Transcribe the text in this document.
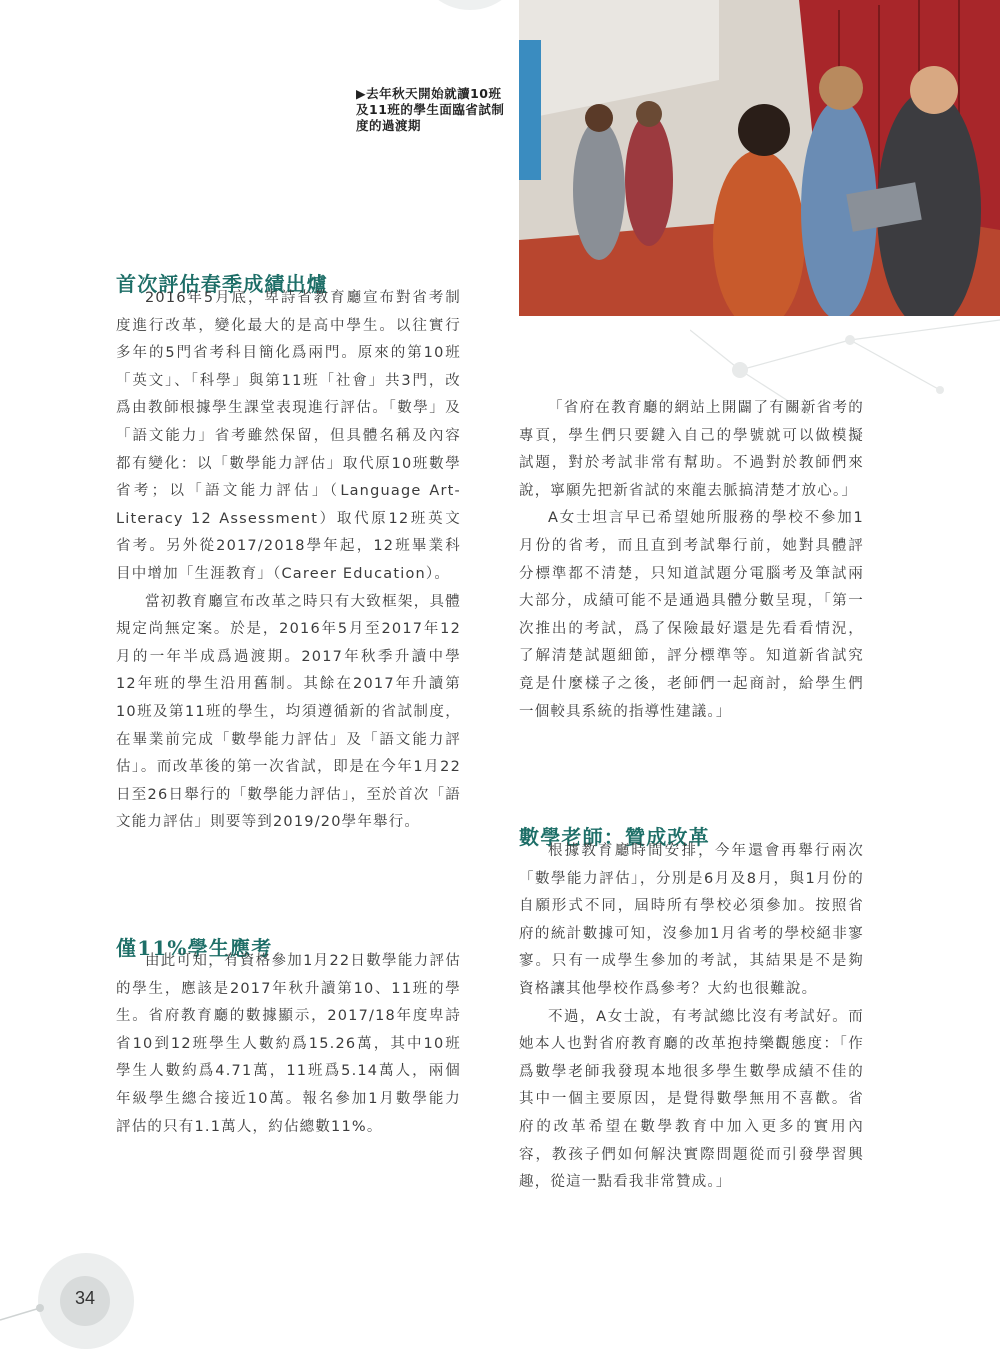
▶去年秋天開始就讀10班及11班的學生面臨省試制度的過渡期
首次評估春季成績出爐

2016年5月底，卑詩省教育廳宣布對省考制度進行改革，變化最大的是高中學生。以往實行多年的5門省考科目簡化爲兩門。原來的第10班「英文」、「科學」與第11班「社會」共3門，改爲由教師根據學生課堂表現進行評估。「數學」及「語文能力」省考雖然保留，但具體名稱及內容都有變化：以「數學能力評估」取代原10班數學省考；以「語文能力評估」（Language Art-Literacy 12 Assessment）取代原12班英文省考。另外從2017/2018學年起，12班畢業科目中增加「生涯教育」（Career Education）。

當初教育廳宣布改革之時只有大致框架，具體規定尚無定案。於是，2016年5月至2017年12月的一年半成爲過渡期。2017年秋季升讀中學12年班的學生沿用舊制。其餘在2017年升讀第10班及第11班的學生，均須遵循新的省試制度，在畢業前完成「數學能力評估」及「語文能力評估」。而改革後的第一次省試，即是在今年1月22日至26日舉行的「數學能力評估」，至於首次「語文能力評估」則要等到2019/20學年舉行。

僅11%學生應考

由此可知，有資格參加1月22日數學能力評估的學生，應該是2017年秋升讀第10、11班的學生。省府教育廳的數據顯示，2017/18年度卑詩省10到12班學生人數約爲15.26萬，其中10班學生人數約爲4.71萬，11班爲5.14萬人，兩個年級學生總合接近10萬。報名參加1月數學能力評估的只有1.1萬人，約佔總數11%。

「省府在教育廳的網站上開闢了有關新省考的專頁，學生們只要鍵入自己的學號就可以做模擬試題，對於考試非常有幫助。不過對於教師們來說，寧願先把新省試的來龍去脈搞清楚才放心。」

A女士坦言早已希望她所服務的學校不參加1月份的省考，而且直到考試舉行前，她對具體評分標準都不清楚，只知道試題分電腦考及筆試兩大部分，成績可能不是通過具體分數呈現，「第一次推出的考試，爲了保險最好還是先看看情況，了解清楚試題細節，評分標準等。知道新省試究竟是什麼樣子之後，老師們一起商討，給學生們一個較具系統的指導性建議。」

數學老師：贊成改革

根據教育廳時間安排，今年還會再舉行兩次「數學能力評估」，分別是6月及8月，與1月份的自願形式不同，屆時所有學校必須參加。按照省府的統計數據可知，沒參加1月省考的學校絕非寥寥。只有一成學生參加的考試，其結果是不是夠資格讓其他學校作爲參考？大約也很難說。

不過，A女士說，有考試總比沒有考試好。而她本人也對省府教育廳的改革抱持樂觀態度：「作爲數學老師我發現本地很多學生數學成績不佳的其中一個主要原因，是覺得數學無用不喜歡。省府的改革希望在數學教育中加入更多的實用內容，教孩子們如何解決實際問題從而引發學習興趣，從這一點看我非常贊成。」

34
